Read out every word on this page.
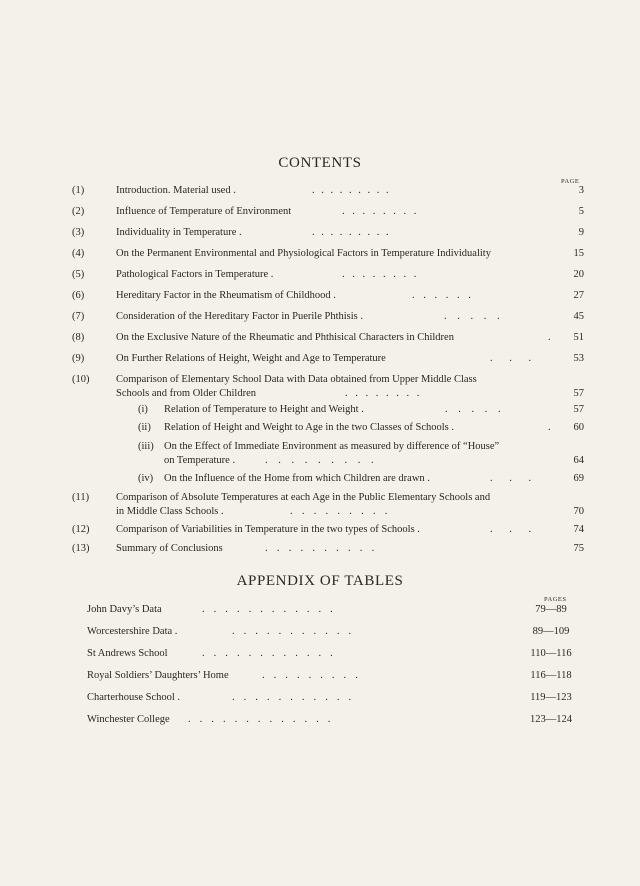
CONTENTS
PAGE
(1)	Introduction. Material used .	. . . . . . . . .	3
(2)	Influence of Temperature of Environment	. . . . . . . .	5
(3)	Individuality in Temperature .	. . . . . . . . .	9
(4)	On the Permanent Environmental and Physiological Factors in Temperature Individuality	15
(5)	Pathological Factors in Temperature .	. . . . . . . .	20
(6)	Hereditary Factor in the Rheumatism of Childhood .	. . . . . .	27
(7)	Consideration of the Hereditary Factor in Puerile Phthisis .	. . . . .	45
(8)	On the Exclusive Nature of the Rheumatic and Phthisical Characters in Children	.	51
(9)	On Further Relations of Height, Weight and Age to Temperature	. . .	53
(10)	Comparison of Elementary School Data with Data obtained from Upper Middle Class
Schools and from Older Children	. . . . . . . .	57
(i)	Relation of Temperature to Height and Weight .	. . . . .	57
(ii)	Relation of Height and Weight to Age in the two Classes of Schools .	.	60
(iii) On the Effect of Immediate Environment as measured by difference of “House”
on Temperature .	. . . . . . . . .	64
(iv)	On the Influence of the Home from which Children are drawn .	. . .	69
(11)	Comparison of Absolute Temperatures at each Age in the Public Elementary Schools and
in Middle Class Schools .	. . . . . . . . .	70
(12)	Comparison of Variabilities in Temperature in the two types of Schools .	. . .	74
(13)	Summary of Conclusions	. . . . . . . . . .	75
APPENDIX OF TABLES
PAGES
John Davy’s Data	. . . . . . . . . . . .	79—89
Worcestershire Data .	. . . . . . . . . . .	89—109
St Andrews School	. . . . . . . . . . . .	110—116
Royal Soldiers’ Daughters’ Home	. . . . . . . . .	116—118
Charterhouse School .	. . . . . . . . . . .	119—123
Winchester College . . . . . . . . . . . . .	123—124
